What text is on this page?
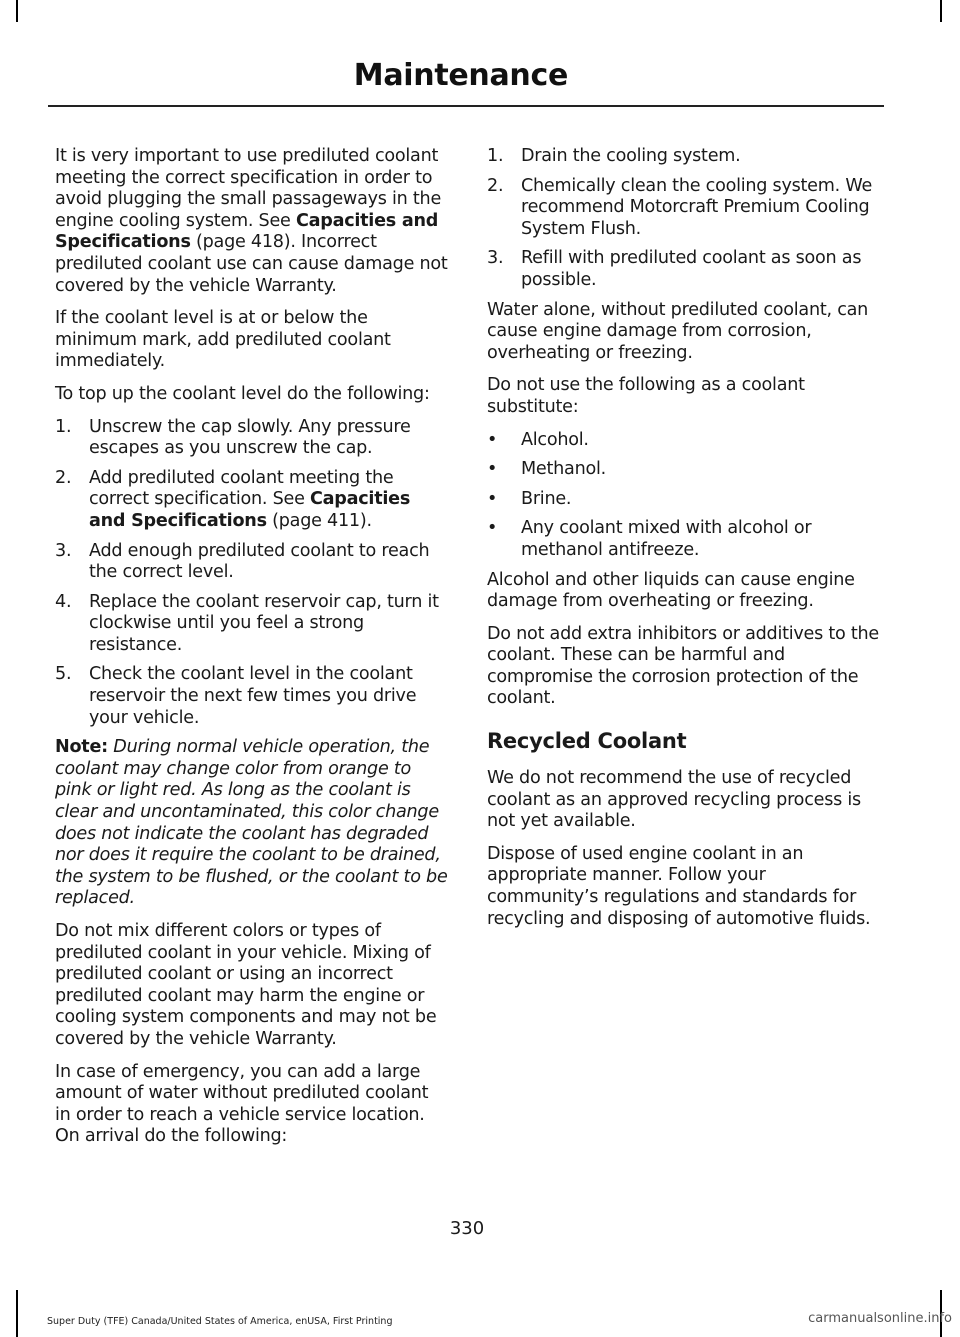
Maintenance

It is very important to use prediluted coolant meeting the correct specification in order to avoid plugging the small passageways in the engine cooling system. See Capacities and Specifications (page 418). Incorrect prediluted coolant use can cause damage not covered by the vehicle Warranty.

If the coolant level is at or below the minimum mark, add prediluted coolant immediately.

To top up the coolant level do the following:

1. Unscrew the cap slowly. Any pressure escapes as you unscrew the cap.
2. Add prediluted coolant meeting the correct specification. See Capacities and Specifications (page 411).
3. Add enough prediluted coolant to reach the correct level.
4. Replace the coolant reservoir cap, turn it clockwise until you feel a strong resistance.
5. Check the coolant level in the coolant reservoir the next few times you drive your vehicle.

Note: During normal vehicle operation, the coolant may change color from orange to pink or light red. As long as the coolant is clear and uncontaminated, this color change does not indicate the coolant has degraded nor does it require the coolant to be drained, the system to be flushed, or the coolant to be replaced.

Do not mix different colors or types of prediluted coolant in your vehicle. Mixing of prediluted coolant or using an incorrect prediluted coolant may harm the engine or cooling system components and may not be covered by the vehicle Warranty.

In case of emergency, you can add a large amount of water without prediluted coolant in order to reach a vehicle service location. On arrival do the following:

1. Drain the cooling system.
2. Chemically clean the cooling system. We recommend Motorcraft Premium Cooling System Flush.
3. Refill with prediluted coolant as soon as possible.

Water alone, without prediluted coolant, can cause engine damage from corrosion, overheating or freezing.

Do not use the following as a coolant substitute:

• Alcohol.
• Methanol.
• Brine.
• Any coolant mixed with alcohol or methanol antifreeze.

Alcohol and other liquids can cause engine damage from overheating or freezing.

Do not add extra inhibitors or additives to the coolant. These can be harmful and compromise the corrosion protection of the coolant.

Recycled Coolant

We do not recommend the use of recycled coolant as an approved recycling process is not yet available.

Dispose of used engine coolant in an appropriate manner. Follow your community’s regulations and standards for recycling and disposing of automotive fluids.

330
Super Duty (TFE) Canada/United States of America, enUSA, First Printing	carmanualsonline.info
